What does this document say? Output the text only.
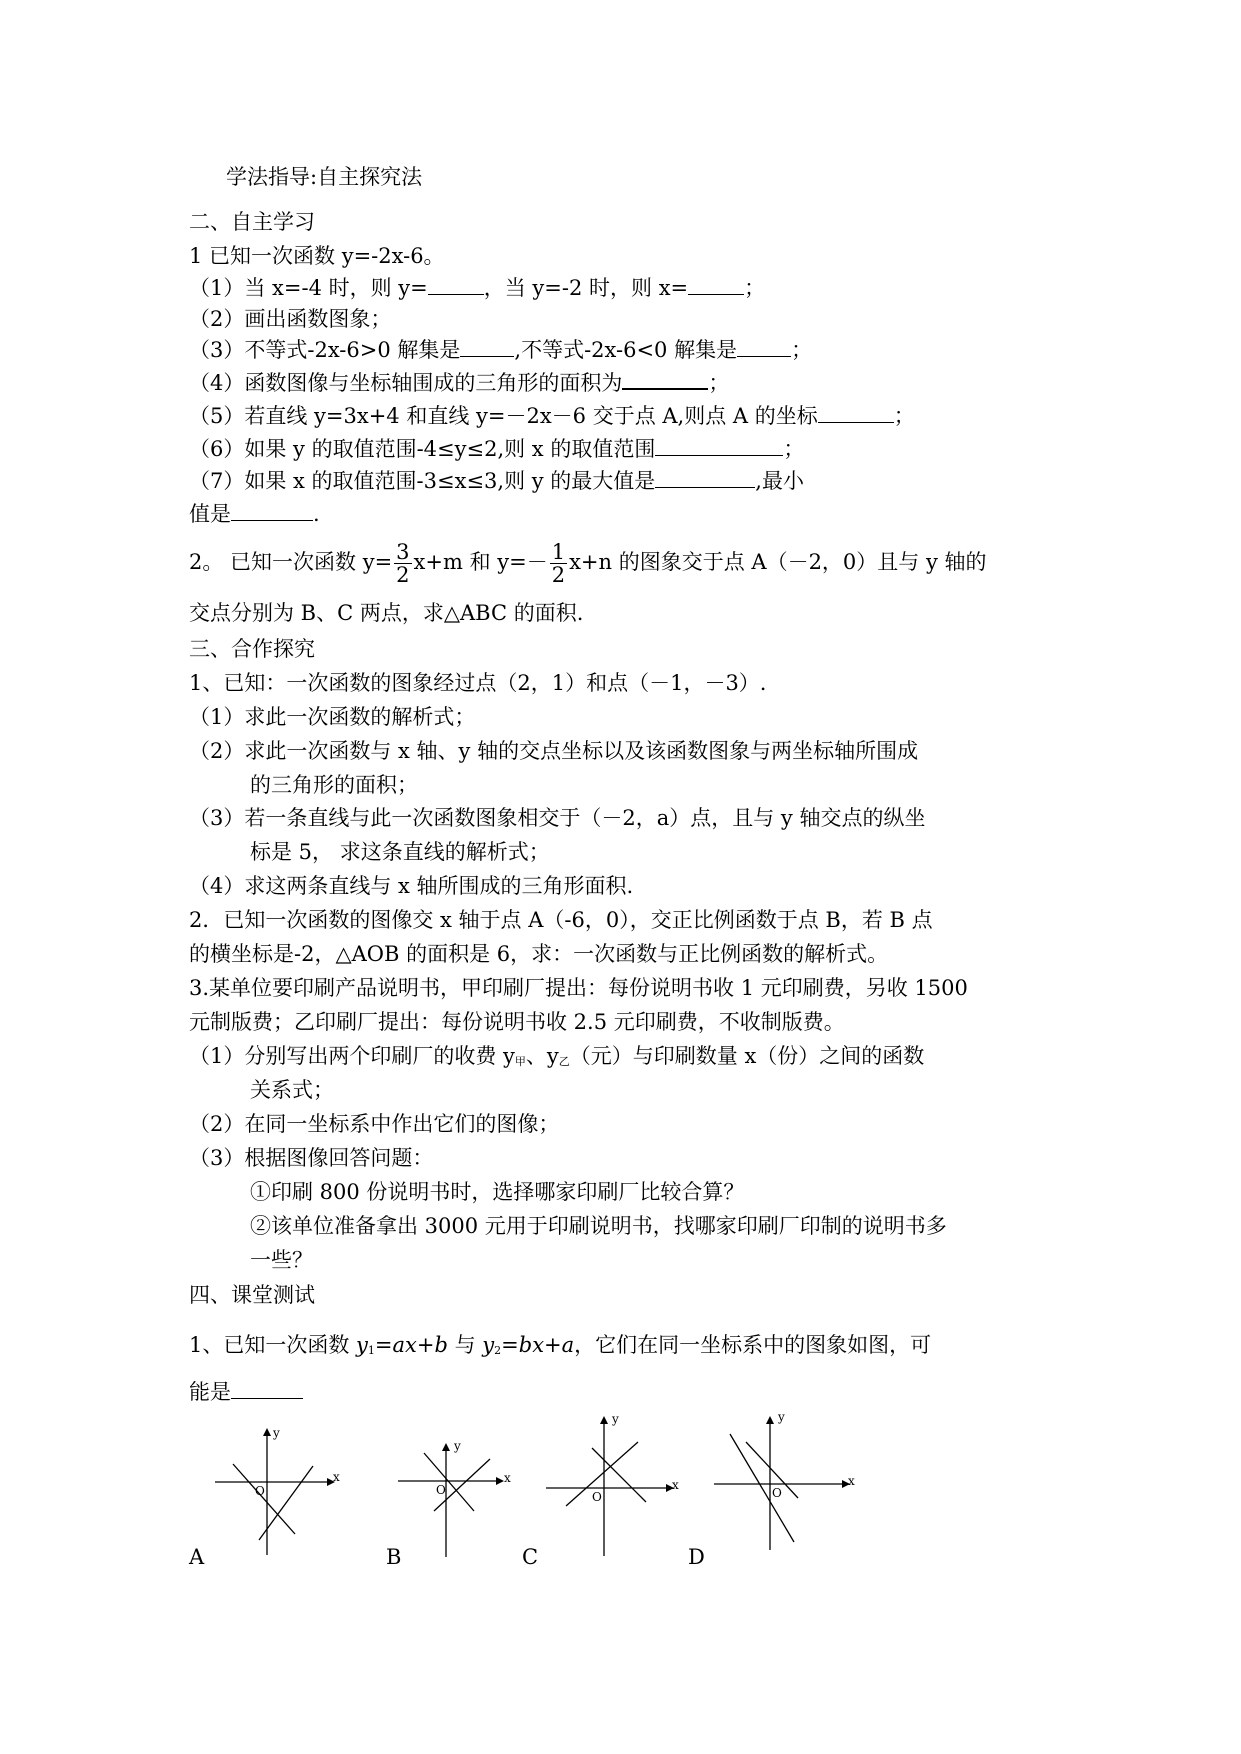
学法指导:自主探究法
二、自主学习
1 已知一次函数 y=-2x-6。
（1）当 x=-4 时，则 y=	，当 y=-2 时，则 x=	；
（2）画出函数图象；
（3）不等式-2x-6>0 解集是	,不等式-2x-6<0 解集是	；
（4）函数图像与坐标轴围成的三角形的面积为	；
（5）若直线 y=3x+4 和直线 y=－2x－6 交于点 A,则点 A 的坐标	；
（6）如果 y 的取值范围-4≤y≤2,则 x 的取值范围	；
（7）如果 x 的取值范围-3≤x≤3,则 y 的最大值是	,最小
值是	.
2。 已知一次函数 $y= \frac{3}{2} x+m$ 和 $y=- \frac{1}{2} x+n$ 的图象交于点 A（－2，0）且与 y 轴的
交点分别为 B、C 两点，求△ABC 的面积.
三、合作探究
1、已知：一次函数的图象经过点（2，1）和点（－1，－3）.
（1）求此一次函数的解析式；
（2）求此一次函数与 x 轴、y 轴的交点坐标以及该函数图象与两坐标轴所围成
的三角形的面积；
（3）若一条直线与此一次函数图象相交于（－2，a）点，且与 y 轴交点的纵坐
标是 5， 求这条直线的解析式；
（4）求这两条直线与 x 轴所围成的三角形面积.
2．已知一次函数的图像交 x 轴于点 A（-6，0），交正比例函数于点 B，若 B 点
的横坐标是-2，△AOB 的面积是 6，求：一次函数与正比例函数的解析式。
3.某单位要印刷产品说明书，甲印刷厂提出：每份说明书收 1 元印刷费，另收 1500
元制版费；乙印刷厂提出：每份说明书收 2.5 元印刷费，不收制版费。
（1）分别写出两个印刷厂的收费 y甲、y乙（元）与印刷数量 x（份）之间的函数
关系式；
（2）在同一坐标系中作出它们的图像；
（3）根据图像回答问题：
①印刷 800 份说明书时，选择哪家印刷厂比较合算？
②该单位准备拿出 3000 元用于印刷说明书，找哪家印刷厂印制的说明书多
一些？
四、课堂测试
1、已知一次函数 y1=ax+b 与 y2=bx+a，它们在同一坐标系中的图象如图，可
能是
x
y
O
A
x
y
O
B
x
y
O
C
x
y
O
D
